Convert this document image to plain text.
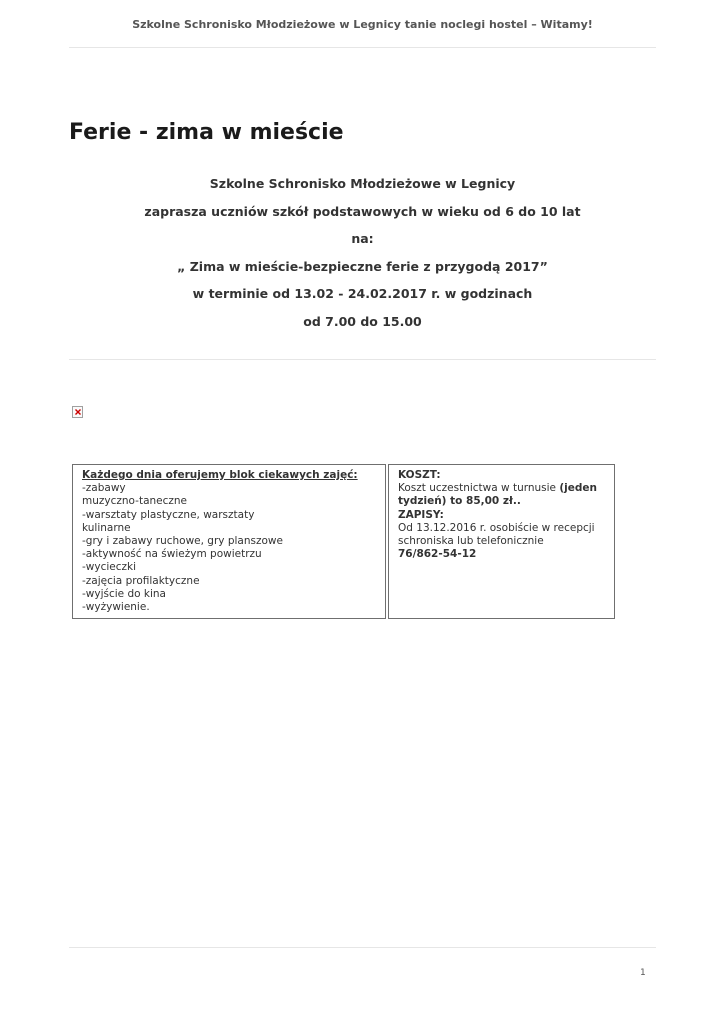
Szkolne Schronisko Młodzieżowe w Legnicy tanie noclegi hostel – Witamy!
Ferie - zima w mieście

Szkolne Schronisko Młodzieżowe w Legnicy

zaprasza uczniów szkół podstawowych w wieku od 6 do 10 lat

na:

„ Zima w mieście-bezpieczne ferie z przygodą 2017”

w terminie od 13.02 - 24.02.2017 r. w godzinach

od 7.00 do 15.00

Każdego dnia oferujemy blok ciekawych zajęć:
-zabawy
muzyczno-taneczne
-warsztaty plastyczne, warsztaty
kulinarne
-gry i zabawy ruchowe, gry planszowe
-aktywność na świeżym powietrzu
-wycieczki
-zajęcia profilaktyczne
-wyjście do kina
-wyżywienie.

KOSZT:
Koszt uczestnictwa w turnusie (jeden
tydzień) to 85,00 zł..
ZAPISY:
Od 13.12.2016 r. osobiście w recepcji
schroniska lub telefonicznie
76/862-54-12
1
